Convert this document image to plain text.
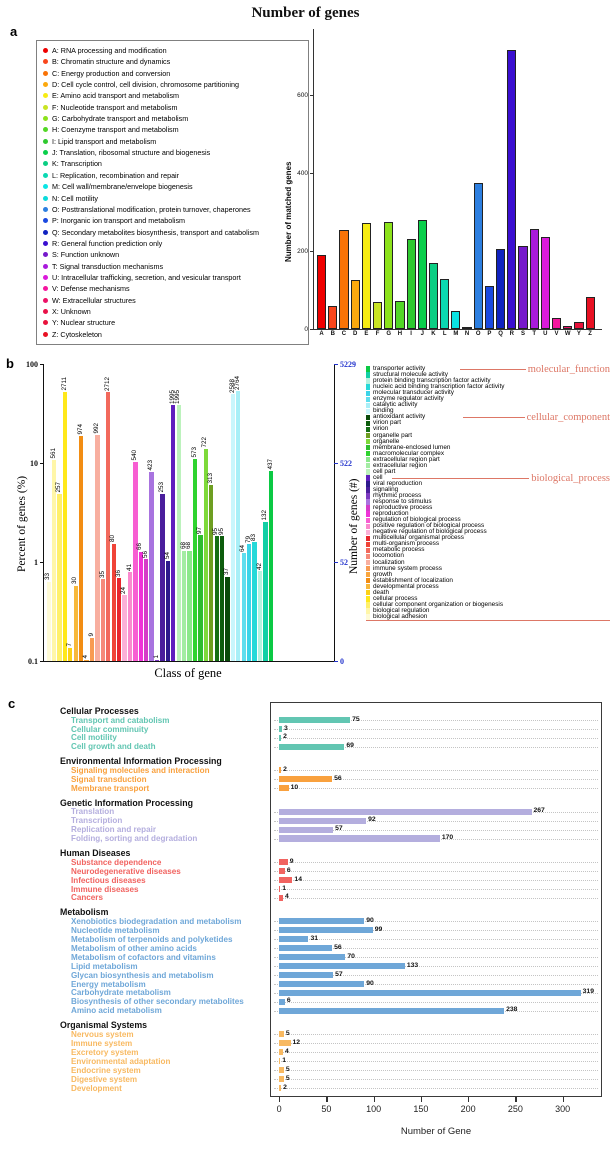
Number of genes
a
A: RNA processing and modification
B: Chromatin structure and dynamics
C: Energy production and conversion
D: Cell cycle control, cell division, chromosome partitioning
E: Amino acid transport and metabolism
F: Nucleotide transport and metabolism
G: Carbohydrate transport and metabolism
H: Coenzyme transport and metabolism
I: Lipid transport and metabolism
J: Translation, ribosomal structure and biogenesis
K: Transcription
L: Replication, recombination and repair
M: Cell wall/membrane/envelope biogenesis
N: Cell motility
O: Posttranslational modification, protein turnover, chaperones
P: Inorganic ion transport and metabolism
Q: Secondary metabolites biosynthesis, transport and catabolism
R: General function prediction only
S: Function unknown
T: Signal transduction mechanisms
U: Intracellular trafficking, secretion, and vesicular transport
V: Defense mechanisms
W: Extracellular structures
X: Unknown
Y: Nuclear structure
Z: Cytoskeleton
Number of matched genes
0
200
400
600
A	B	C	D	E	F	G	H	I	J	K	L	M	N	O	P	Q	R	S	T	U	V	W	Y	Z
b
Percent of genes (%)	Number of genes (#)
100
10
1
0.1
5229
522
52
0
33
561
257
2711
7
30
974
4
9
992
35
2712
80
36
24
41
540
66
56
423
1
253
54
1995
1995
68
68
573
97
722
313
95
95
37
2588
2764
64
79
83
42
132
437
Class of gene
transporter activity
structural molecule activity
protein binding transcription factor activity
nucleic acid binding transcription factor activity
molecular transducer activity
enzyme regulator activity
catalytic activity
binding
antioxidant activity
virion part
virion
organelle part
organelle
membrane-enclosed lumen
macromolecular complex
extracellular region part
extracellular region
cell part
cell
viral reproduction
signaling
rhythmic process
response to stimulus
reproductive process
reproduction
regulation of biological process
positive regulation of biological process
negative regulation of biological process
multicellular organismal process
multi-organism process
metabolic process
locomotion
localization
immune system process
growth
establishment of localization
developmental process
death
cellular process
cellular component organization or biogenesis
biological regulation
biological adhesion
molecular_function
cellular_component
biological_process
c	Cellular Processes
Transport and catabolism	75
Cellular comminuity	3
Cell motility	2
Cell growth and death	69
Environmental Information Processing
Signaling molecules and interaction	2
Signal transduction	56
Membrane transport	10
Genetic Information Processing
Translation	267
Transcription	92
Replication and repair	57
Folding, sorting and degradation	170
Human Diseases
Substance dependence	9
Neurodegenerative diseases	6
Infectious diseases	14
Immune diseases	1
Cancers	4
Metabolism
Xenobiotics biodegradation and metabolism	90
Nucleotide metabolism	99
Metabolism of terpenoids and polyketides	31
Metabolism of other amino acids	56
Metabolism of cofactors and vitamins	70
Lipid metabolism	133
Glycan biosynthesis and metabolism	57
Energy metabolism	90
Carbohydrate metabolism	319
Biosynthesis of other secondary metabolites	6
Amino acid metabolism	238
Organismal Systems
Nervous system	5
Immune system	12
Excretory system	4
Environmental adaptation	1
Endocrine system	5
Digestive system	5
Development	2
0	50	100	150	200	250	300
Number of Gene
